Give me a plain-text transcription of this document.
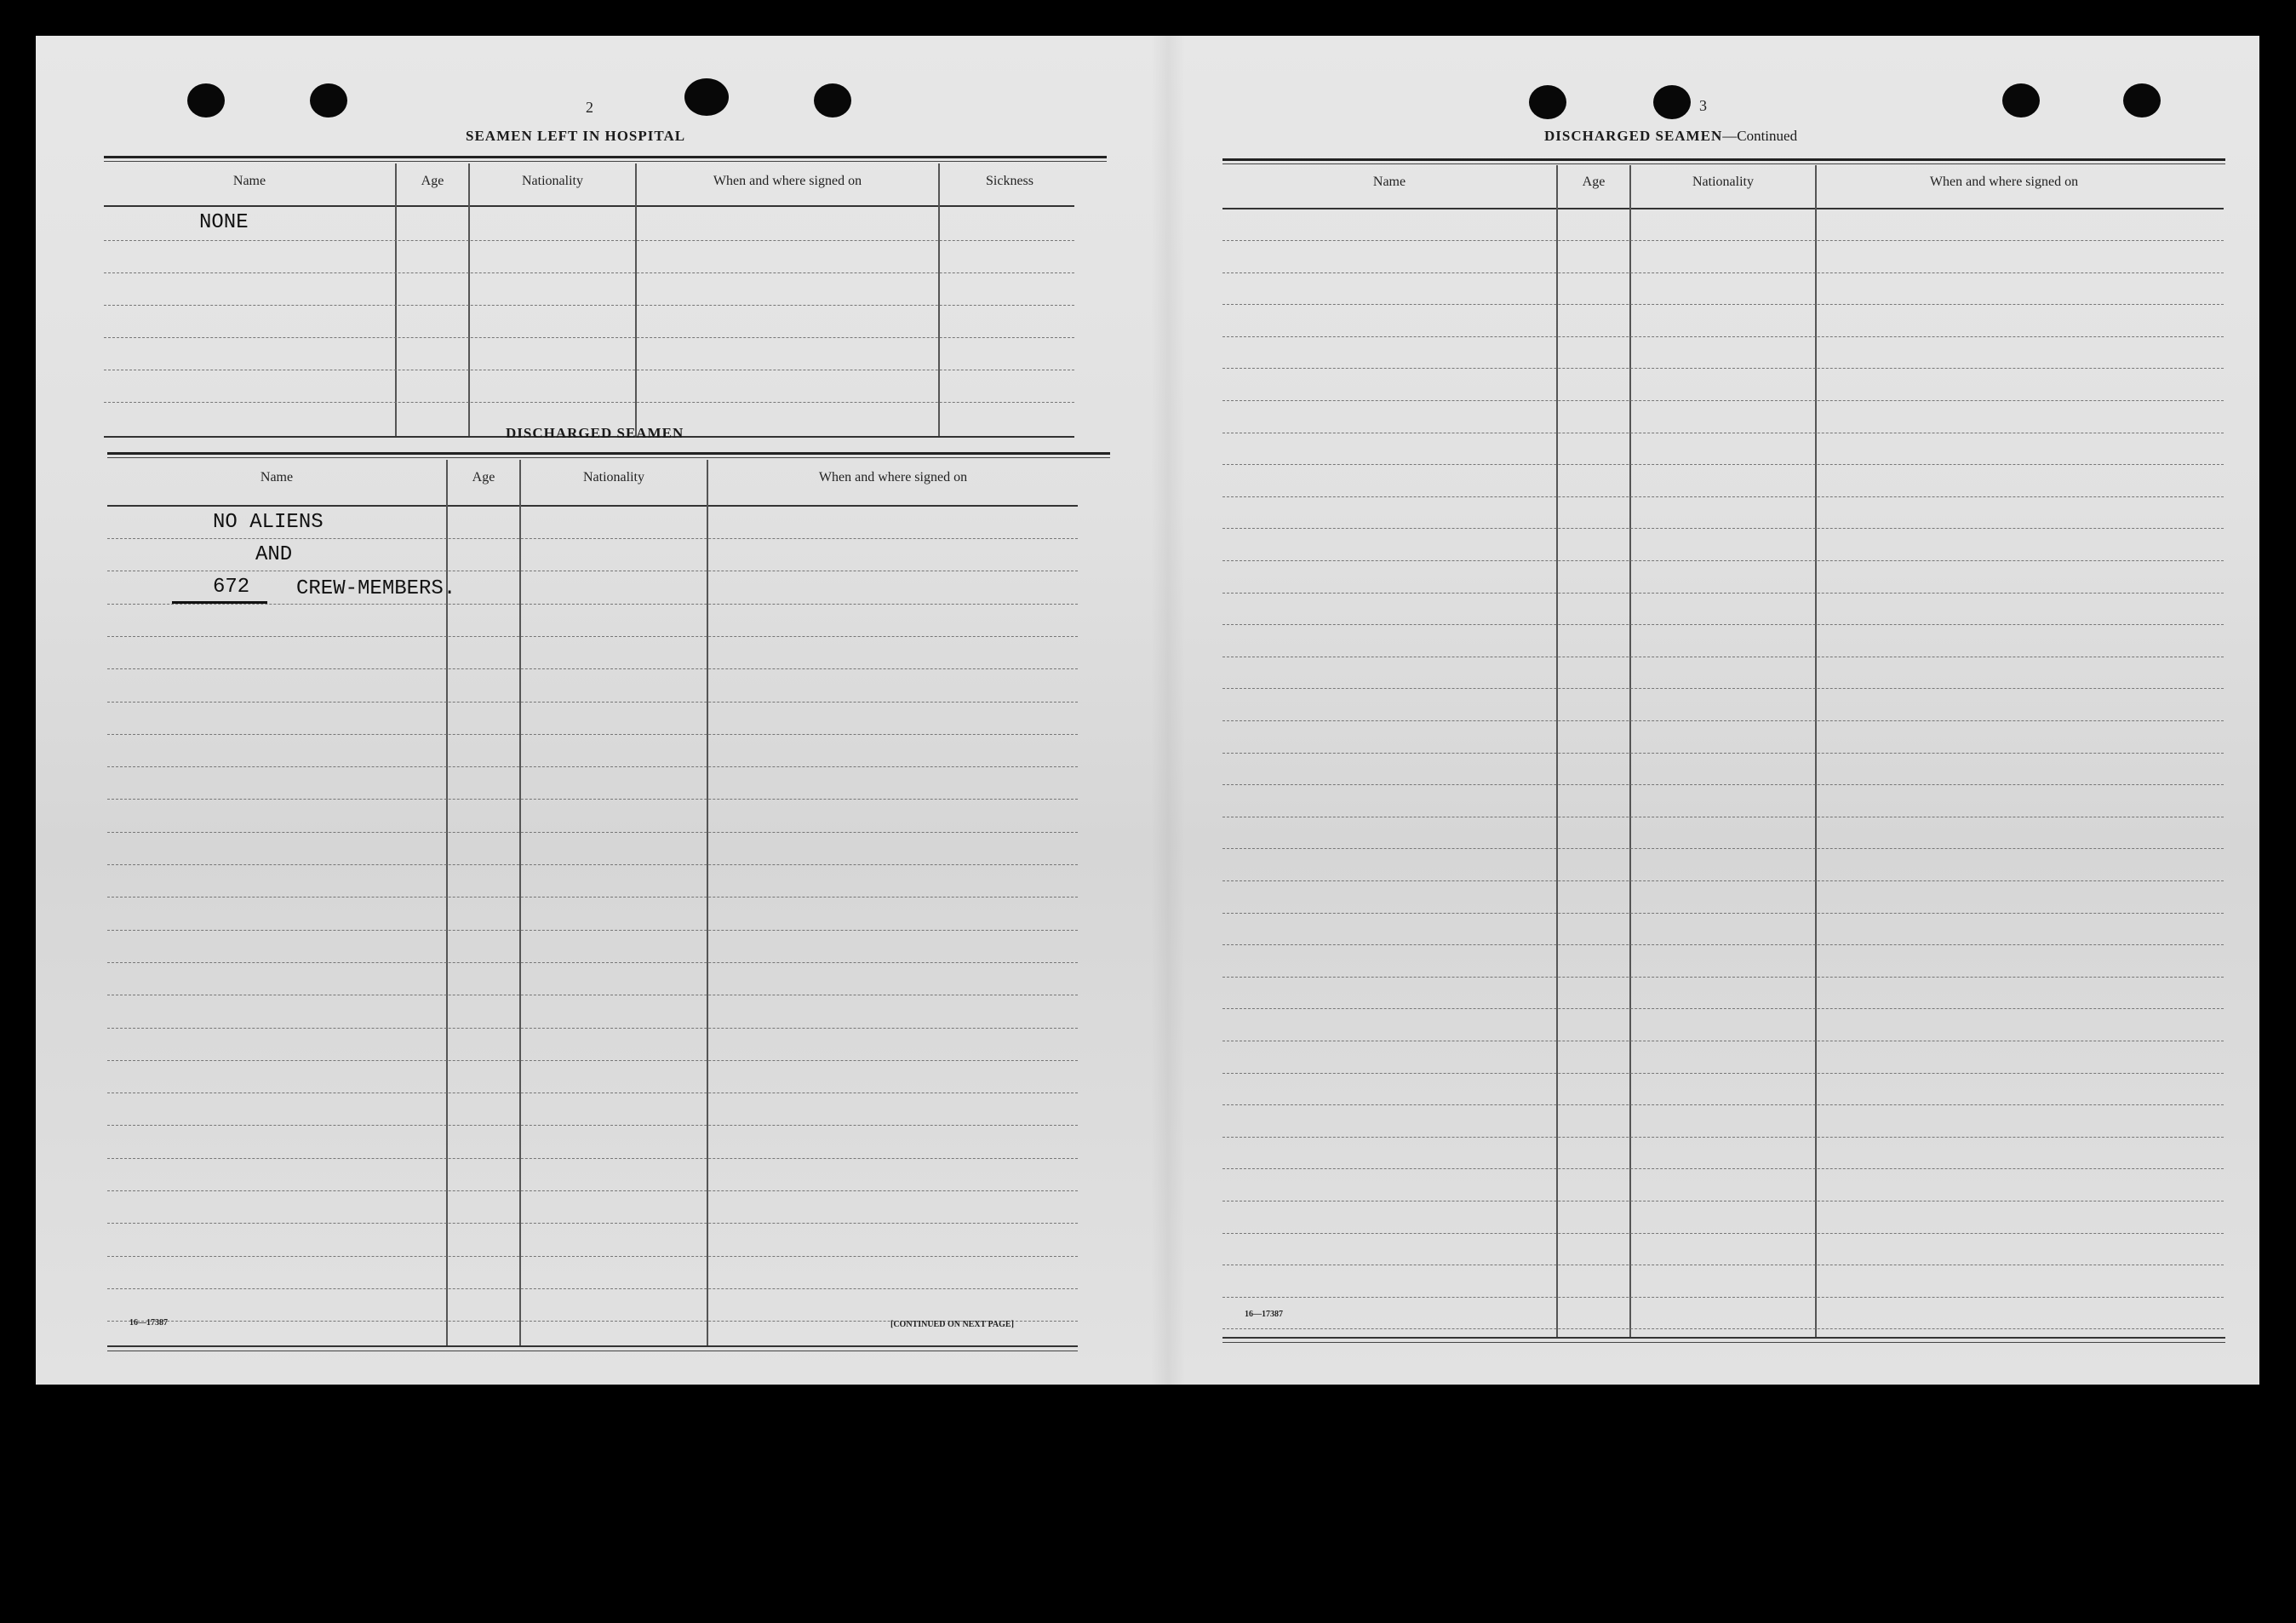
2
SEAMEN LEFT IN HOSPITAL
Name	Age	Nationality	When and where signed on	Sickness
NONE
DISCHARGED SEAMEN
Name	Age	Nationality	When and where signed on
NO ALIENS
AND
672 CREW-MEMBERS.
16—17387	[CONTINUED ON NEXT PAGE]
3
DISCHARGED SEAMEN—Continued
Name	Age	Nationality	When and where signed on
16—17387
